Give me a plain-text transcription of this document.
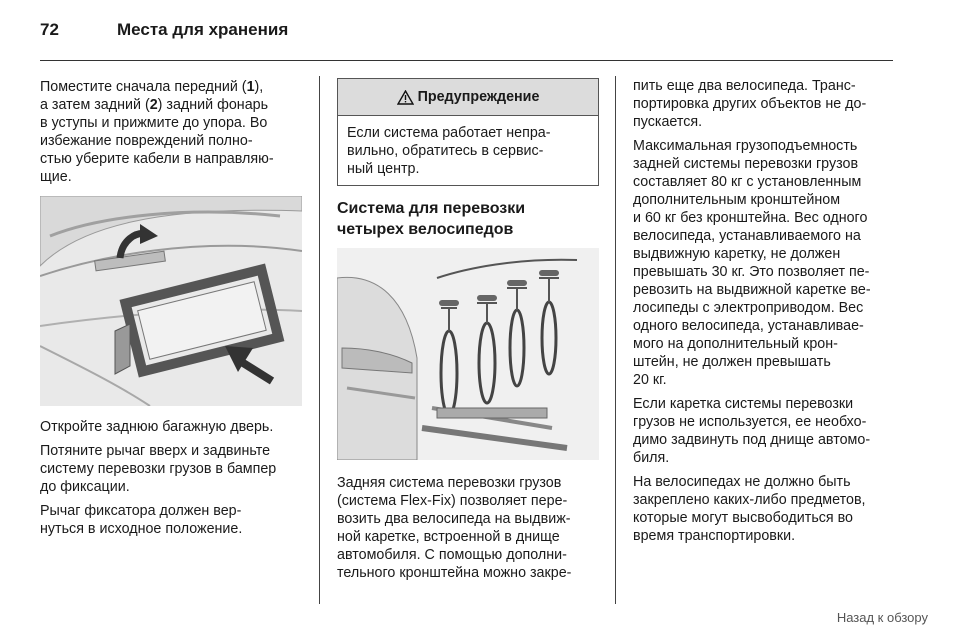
72	Места для хранения

Поместите сначала передний (1),
а затем задний (2) задний фонарь
в уступы и прижмите до упора. Во
избежание повреждений полно-
стью уберите кабели в направляю-
щие.

Откройте заднюю багажную дверь.

Потяните рычаг вверх и задвиньте
систему перевозки грузов в бампер
до фиксации.

Рычаг фиксатора должен вер-
нуться в исходное положение.

Предупреждение
Если система работает непра-
вильно, обратитесь в сервис-
ный центр.

Система для перевозки
четырех велосипедов

Задняя система перевозки грузов
(система Flex-Fix) позволяет пере-
возить два велосипеда на выдвиж-
ной каретке, встроенной в днище
автомобиля. С помощью дополни-
тельного кронштейна можно закре-

пить еще два велосипеда. Транс-
портировка других объектов не до-
пускается.

Максимальная грузоподъемность
задней системы перевозки грузов
составляет 80 кг с установленным
дополнительным кронштейном
и 60 кг без кронштейна. Вес одного
велосипеда, устанавливаемого на
выдвижную каретку, не должен
превышать 30 кг. Это позволяет пе-
ревозить на выдвижной каретке ве-
лосипеды с электроприводом. Вес
одного велосипеда, устанавливае-
мого на дополнительный крон-
штейн, не должен превышать
20 кг.

Если каретка системы перевозки
грузов не используется, ее необхо-
димо задвинуть под днище автомо-
биля.

На велосипедах не должно быть
закреплено каких-либо предметов,
которые могут высвободиться во
время транспортировки.

Назад к обзору
